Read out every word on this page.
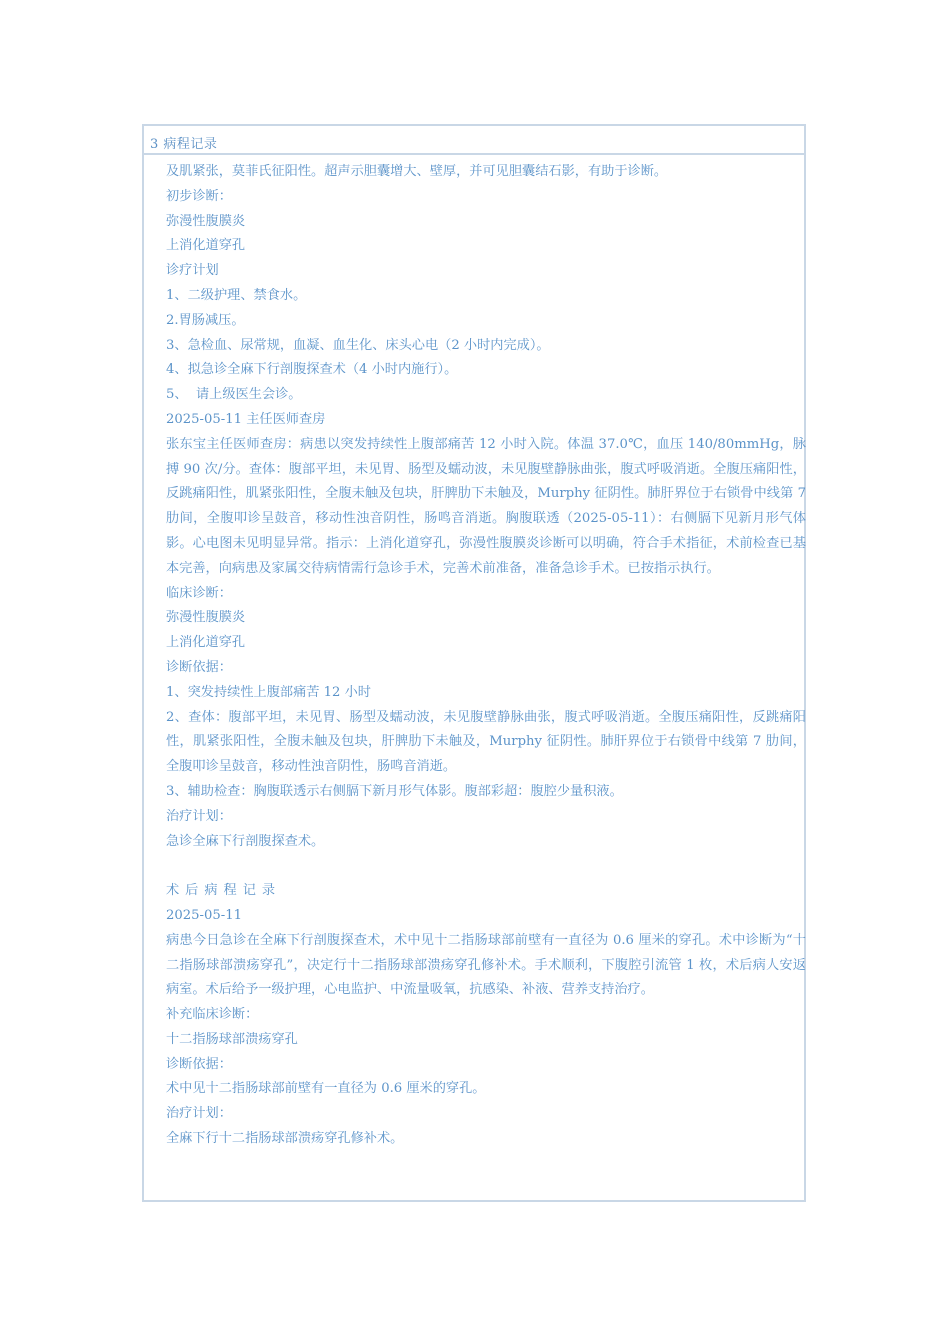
3 病程记录

及肌紧张，莫菲氏征阳性。超声示胆囊增大、壁厚，并可见胆囊结石影，有助于诊断。

初步诊断：

弥漫性腹膜炎

上消化道穿孔

诊疗计划

1、二级护理、禁食水。

2.胃肠减压。

3、急检血、尿常规，血凝、血生化、床头心电（2 小时内完成）。

4、拟急诊全麻下行剖腹探查术（4 小时内施行）。

5、  请上级医生会诊。

2025-05-11 主任医师查房

张东宝主任医师查房：病患以突发持续性上腹部痛苦 12 小时入院。体温 37.0℃，血压 140/80mmHg，脉搏 90 次/分。查体：腹部平坦，未见胃、肠型及蠕动波，未见腹壁静脉曲张，腹式呼吸消逝。全腹压痛阳性，反跳痛阳性，肌紧张阳性，全腹未触及包块，肝脾肋下未触及，Murphy 征阴性。肺肝界位于右锁骨中线第 7 肋间，全腹叩诊呈鼓音，移动性浊音阴性，肠鸣音消逝。胸腹联透（2025-05-11）：右侧膈下见新月形气体影。心电图未见明显异常。指示：上消化道穿孔，弥漫性腹膜炎诊断可以明确，符合手术指征，术前检查已基本完善，向病患及家属交待病情需行急诊手术，完善术前准备，准备急诊手术。已按指示执行。

临床诊断：

弥漫性腹膜炎

上消化道穿孔

诊断依据：

1、突发持续性上腹部痛苦 12 小时

2、查体：腹部平坦，未见胃、肠型及蠕动波，未见腹壁静脉曲张，腹式呼吸消逝。全腹压痛阳性，反跳痛阳性，肌紧张阳性，全腹未触及包块，肝脾肋下未触及，Murphy 征阴性。肺肝界位于右锁骨中线第 7 肋间，全腹叩诊呈鼓音，移动性浊音阴性，肠鸣音消逝。

3、辅助检查：胸腹联透示右侧膈下新月形气体影。腹部彩超：腹腔少量积液。

治疗计划：

急诊全麻下行剖腹探查术。

术后病程记录

2025-05-11

病患今日急诊在全麻下行剖腹探查术，术中见十二指肠球部前壁有一直径为 0.6 厘米的穿孔。术中诊断为“十二指肠球部溃疡穿孔”，决定行十二指肠球部溃疡穿孔修补术。手术顺利，下腹腔引流管 1 枚，术后病人安返病室。术后给予一级护理，心电监护、中流量吸氧，抗感染、补液、营养支持治疗。

补充临床诊断：

十二指肠球部溃疡穿孔

诊断依据：

术中见十二指肠球部前壁有一直径为 0.6 厘米的穿孔。

治疗计划：

全麻下行十二指肠球部溃疡穿孔修补术。
